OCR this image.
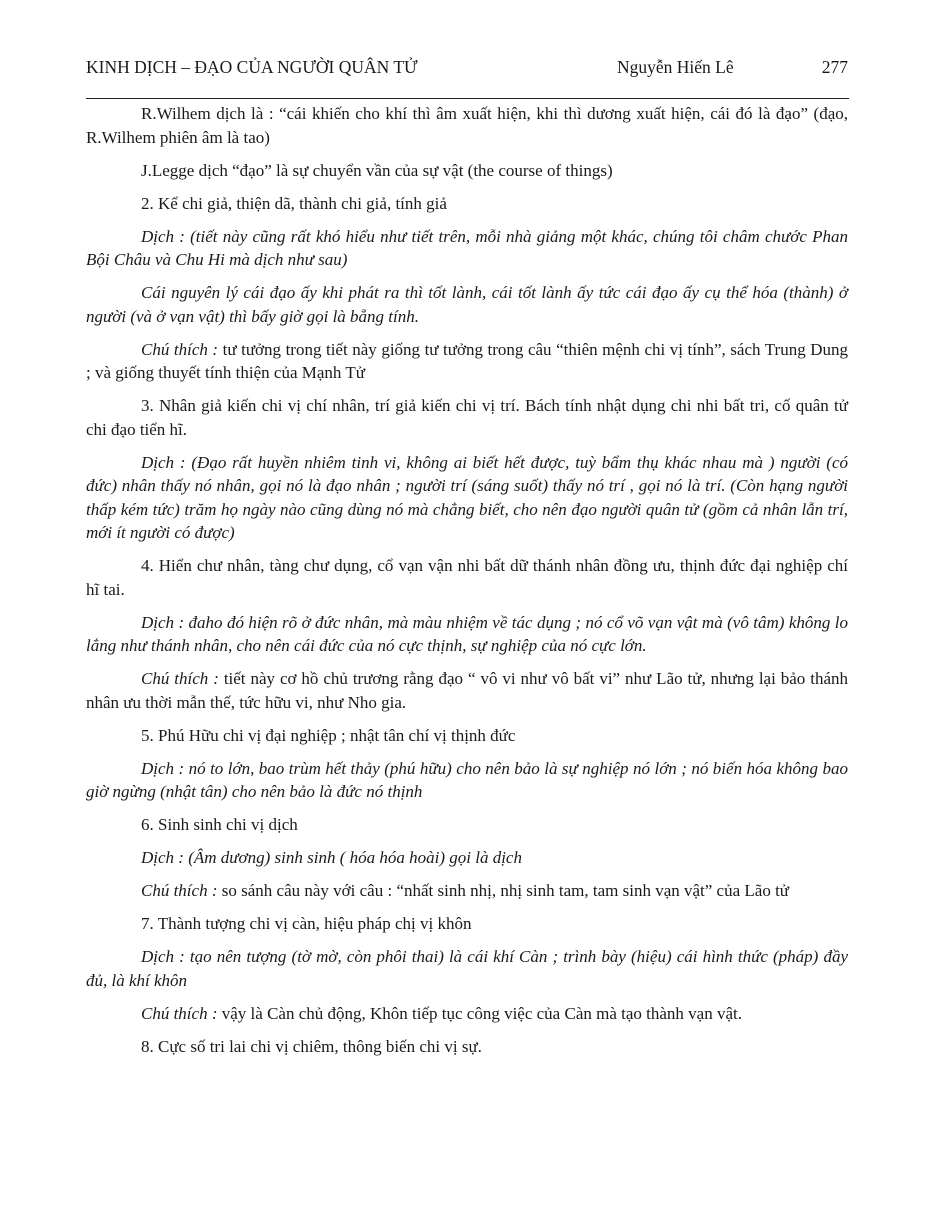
KINH DỊCH – ĐẠO CỦA NGƯỜI QUÂN TỬ	Nguyễn Hiến Lê	277

R.Wilhem dịch là : “cái khiến cho khí thì âm xuất hiện, khi thì dương xuất hiện, cái đó là đạo” (đạo, R.Wilhem phiên âm là tao)

J.Legge dịch “đạo” là sự chuyển vần của sự vật (the course of things)

2. Kể chi giả, thiện dã, thành chi giả, tính giả

Dịch : (tiết này cũng rất khó hiểu như tiết trên, mỗi nhà giảng một khác, chúng tôi châm chước Phan Bội Châu và Chu Hi mà dịch như sau)

Cái nguyên lý cái đạo ấy khi phát ra thì tốt lành, cái tốt lành ấy tức cái đạo ấy cụ thể hóa (thành) ở người (và ở vạn vật) thì bấy giờ gọi là bẵng tính.

Chú thích : tư tưởng trong tiết này giống tư tưởng trong câu “thiên mệnh chi vị tính”, sách Trung Dung ; và giống thuyết tính thiện của Mạnh Tử

3. Nhân giả kiến chi vị chí nhân, trí giả kiến chi vị trí. Bách tính nhật dụng chi nhi bất tri, cố quân tử chi đạo tiển hĩ.

Dịch : (Đạo rất huyền nhiêm tinh vi, không ai biết hết được, tuỳ bẩm thụ khác nhau mà ) người (có đức) nhân thấy nó nhân, gọi nó là đạo nhân ; người trí (sáng suốt) thấy nó trí , gọi nó là trí. (Còn hạng người thấp kém tức) trăm họ ngày nào cũng dùng nó mà chẳng biết, cho nên đạo người quân tử (gồm cả nhân lẫn trí, mới ít người có được)

4. Hiển chư nhân, tàng chư dụng, cổ vạn vận nhi bất dữ thánh nhân đồng ưu, thịnh đức đại nghiệp chí hĩ tai.

Dịch : đaho đó hiện rõ ở đức nhân, mà màu nhiệm về tác dụng ; nó cổ võ vạn vật mà (vô tâm) không lo lắng như thánh nhân, cho nên cái đức của nó cực thịnh, sự nghiệp của nó cực lớn.

Chú thích : tiết này cơ hồ chủ trương rằng đạo “ vô vi như vô bất vi” như Lão tử, nhưng lại bảo thánh nhân ưu thời mẫn thế, tức hữu vi, như Nho gia.

5. Phú Hữu chi vị đại nghiệp ; nhật tân chí vị thịnh đức

Dịch : nó to lớn, bao trùm hết thảy (phú hữu) cho nên bảo là sự nghiệp nó lớn ; nó biến hóa không bao giờ ngừng (nhật tân) cho nên bảo là đức nó thịnh

6. Sinh sinh chi vị dịch

Dịch : (Âm dương) sinh sinh ( hóa hóa hoài) gọi là dịch

Chú thích : so sánh câu này với câu : “nhất sinh nhị, nhị sinh tam, tam sinh vạn vật” của Lão tử

7. Thành tượng chi vị càn, hiệu pháp chị vị khôn

Dịch : tạo nên tượng (tờ mờ, còn phôi thai) là cái khí Càn ; trình bày (hiệu) cái hình thức (pháp) đầy đủ, là khí khôn

Chú thích : vậy là Càn chủ động, Khôn tiếp tục công việc của Càn mà tạo thành vạn vật.

8. Cực số tri lai chi vị chiêm, thông biến chi vị sự.
